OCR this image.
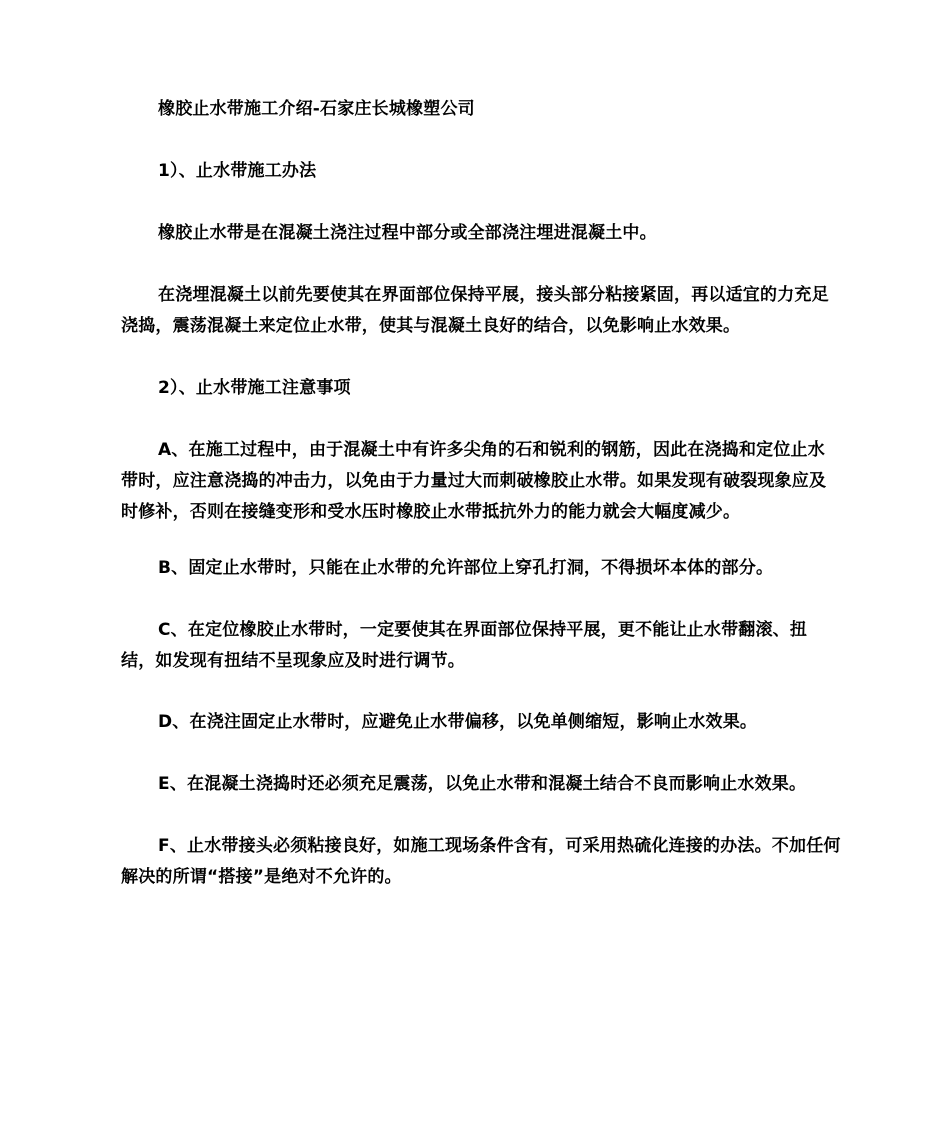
橡胶止水带施工介绍-石家庄长城橡塑公司
1）、止水带施工办法
橡胶止水带是在混凝土浇注过程中部分或全部浇注埋进混凝土中。
在浇埋混凝土以前先要使其在界面部位保持平展，接头部分粘接紧固，再以适宜的力充足浇捣，震荡混凝土来定位止水带，使其与混凝土良好的结合，以免影响止水效果。
2）、止水带施工注意事项
A、在施工过程中，由于混凝土中有许多尖角的石和锐利的钢筋，因此在浇捣和定位止水带时，应注意浇捣的冲击力，以免由于力量过大而刺破橡胶止水带。如果发现有破裂现象应及时修补，否则在接缝变形和受水压时橡胶止水带抵抗外力的能力就会大幅度减少。
B、固定止水带时，只能在止水带的允许部位上穿孔打洞，不得损坏本体的部分。
C、在定位橡胶止水带时，一定要使其在界面部位保持平展，更不能让止水带翻滚、扭结，如发现有扭结不呈现象应及时进行调节。
D、在浇注固定止水带时，应避免止水带偏移，以免单侧缩短，影响止水效果。
E、在混凝土浇捣时还必须充足震荡，以免止水带和混凝土结合不良而影响止水效果。
F、止水带接头必须粘接良好，如施工现场条件含有，可采用热硫化连接的办法。不加任何解决的所谓“搭接”是绝对不允许的。
